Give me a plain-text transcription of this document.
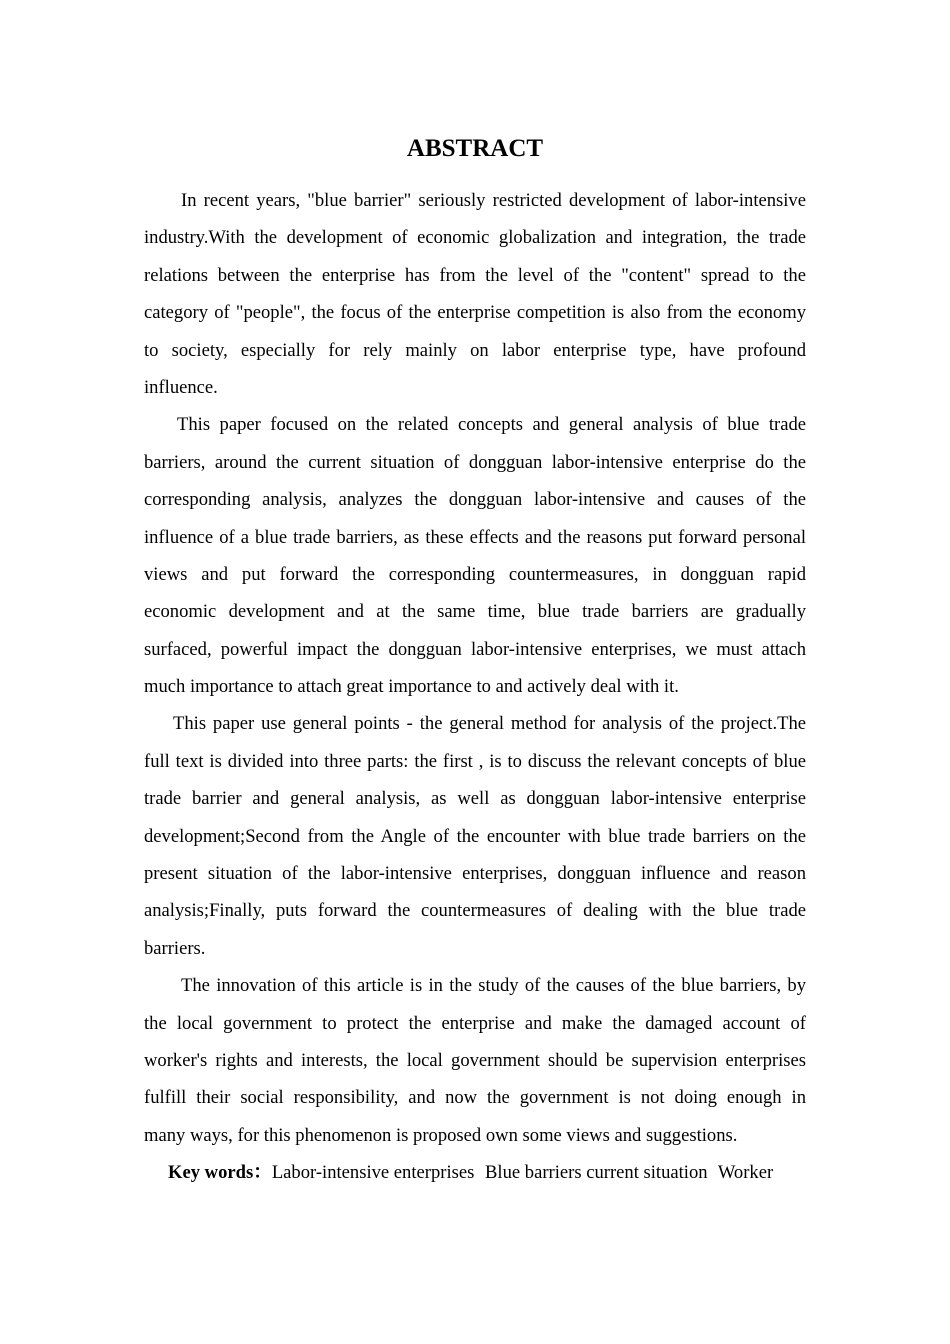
ABSTRACT
In recent years, "blue barrier" seriously restricted development of labor-intensive
industry.With the development of economic globalization and integration, the trade
relations between the enterprise has from the level of the "content" spread to the
category of "people", the focus of the enterprise competition is also from the economy
to society, especially for rely mainly on labor enterprise type, have profound
influence.
This paper focused on the related concepts and general analysis of blue trade
barriers, around the current situation of dongguan labor-intensive enterprise do the
corresponding analysis, analyzes the dongguan labor-intensive and causes of the
influence of a blue trade barriers, as these effects and the reasons put forward personal
views and put forward the corresponding countermeasures, in dongguan rapid
economic development and at the same time, blue trade barriers are gradually
surfaced, powerful impact the dongguan labor-intensive enterprises, we must attach
much importance to attach great importance to and actively deal with it.
This paper use general points - the general method for analysis of the project.The
full text is divided into three parts: the first , is to discuss the relevant concepts of blue
trade barrier and general analysis, as well as dongguan labor-intensive enterprise
development;Second from the Angle of the encounter with blue trade barriers on the
present situation of the labor-intensive enterprises, dongguan influence and reason
analysis;Finally, puts forward the countermeasures of dealing with the blue trade
barriers.
The innovation of this article is in the study of the causes of the blue barriers, by
the local government to protect the enterprise and make the damaged account of
worker's rights and interests, the local government should be supervision enterprises
fulfill their social responsibility, and now the government is not doing enough in
many ways, for this phenomenon is proposed own some views and suggestions.
Key words：Labor-intensive enterprises Blue barriers current situation Worker
